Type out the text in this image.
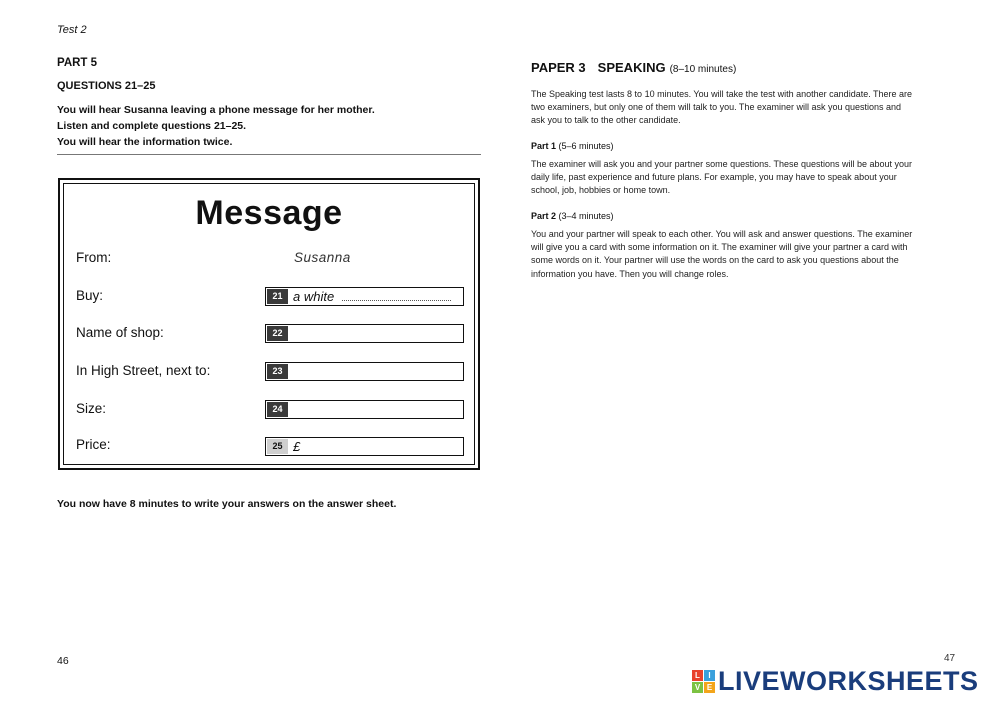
Test 2
PART 5
QUESTIONS 21–25
You will hear Susanna leaving a phone message for her mother.
Listen and complete questions 21–25.
You will hear the information twice.
Message
From:	Susanna
Buy:	21 a white
Name of shop:	22
In High Street, next to:	23
Size:	24
Price:	25 £
You now have 8 minutes to write your answers on the answer sheet.
46
PAPER 3 SPEAKING (8–10 minutes)
The Speaking test lasts 8 to 10 minutes. You will take the test with another candidate. There are two examiners, but only one of them will talk to you. The examiner will ask you questions and ask you to talk to the other candidate.
Part 1 (5–6 minutes)
The examiner will ask you and your partner some questions. These questions will be about your daily life, past experience and future plans. For example, you may have to speak about your school, job, hobbies or home town.
Part 2 (3–4 minutes)
You and your partner will speak to each other. You will ask and answer questions. The examiner will give you a card with some information on it. The examiner will give your partner a card with some words on it. Your partner will use the words on the card to ask you questions about the information you have. Then you will change roles.
47
L	I
V E LIVEWORKSHEETS
